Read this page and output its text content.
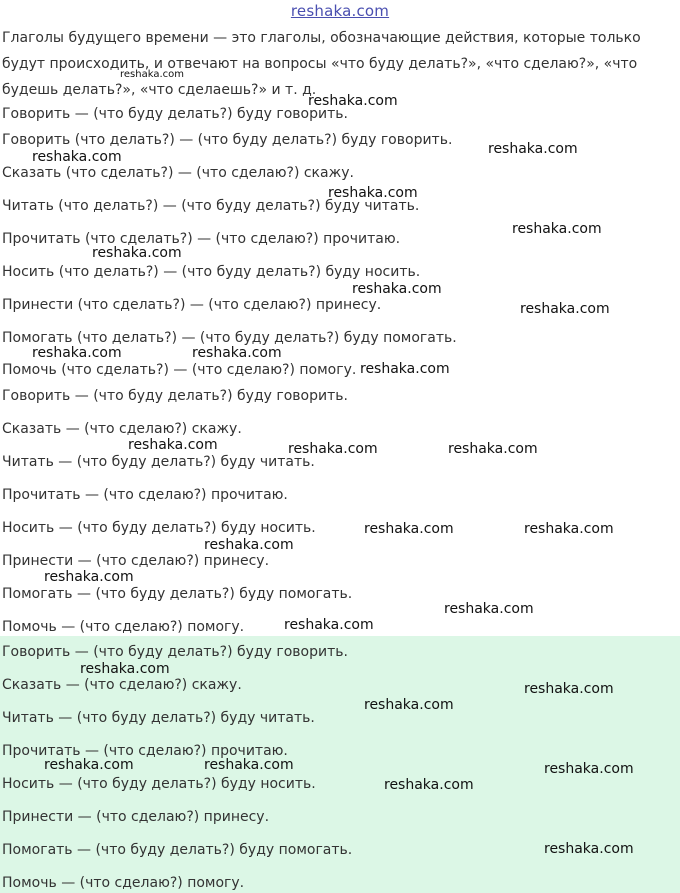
reshaka.com
Глаголы будущего времени — это глаголы, обозначающие действия, которые только будут происходить, и отвечают на вопросы «что буду делать?», «что сделаю?», «что будешь делать?», «что сделаешь?» и т. д.
Говорить — (что буду делать?) буду говорить.
Говорить (что делать?) — (что буду делать?) буду говорить.
Сказать (что сделать?) — (что сделаю?) скажу.
Читать (что делать?) — (что буду делать?) буду читать.
Прочитать (что сделать?) — (что сделаю?) прочитаю.
Носить (что делать?) — (что буду делать?) буду носить.
Принести (что сделать?) — (что сделаю?) принесу.
Помогать (что делать?) — (что буду делать?) буду помогать.
Помочь (что сделать?) — (что сделаю?) помогу.
Говорить — (что буду делать?) буду говорить.
Сказать — (что сделаю?) скажу.
Читать — (что буду делать?) буду читать.
Прочитать — (что сделаю?) прочитаю.
Носить — (что буду делать?) буду носить.
Принести — (что сделаю?) принесу.
Помогать — (что буду делать?) буду помогать.
Помочь — (что сделаю?) помогу.
Говорить — (что буду делать?) буду говорить.
Сказать — (что сделаю?) скажу.
Читать — (что буду делать?) буду читать.
Прочитать — (что сделаю?) прочитаю.
Носить — (что буду делать?) буду носить.
Принести — (что сделаю?) принесу.
Помогать — (что буду делать?) буду помогать.
Помочь — (что сделаю?) помогу.
reshaka.com
reshaka.com
reshaka.com
reshaka.com
reshaka.com
reshaka.com
reshaka.com
reshaka.com
reshaka.com
reshaka.com	reshaka.com
reshaka.com
reshaka.com	reshaka.com	reshaka.com
reshaka.com	reshaka.com
reshaka.com
reshaka.com
reshaka.com
reshaka.com
reshaka.com
reshaka.com
reshaka.com
reshaka.com	reshaka.com	reshaka.com
reshaka.com
reshaka.com
